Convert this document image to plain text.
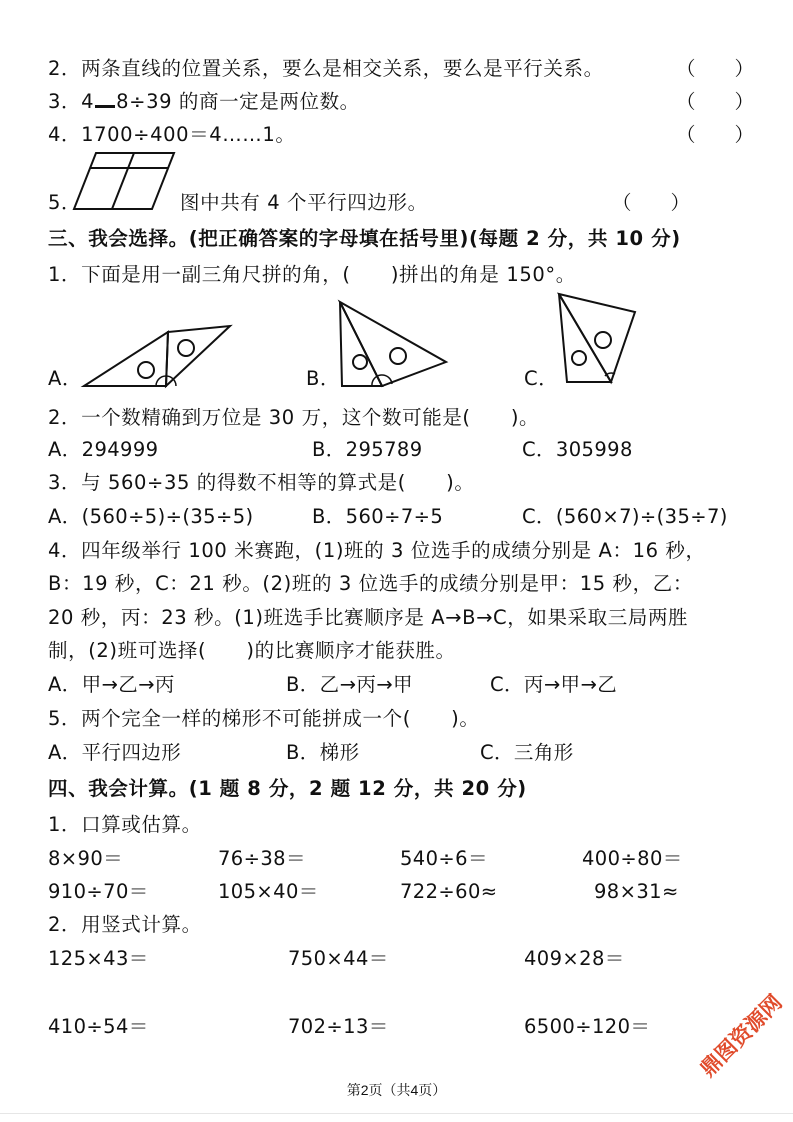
2．两条直线的位置关系，要么是相交关系，要么是平行关系。	（　　）
3．4 8÷39 的商一定是两位数。	（　　）
4．1700÷400＝4……1。	（　　）
5．	图中共有 4 个平行四边形。	（　　）
三、我会选择。(把正确答案的字母填在括号里)(每题 2 分，共 10 分)
1．下面是用一副三角尺拼的角，(　　)拼出的角是 150°。
A．	B．	C．
2．一个数精确到万位是 30 万，这个数可能是(　　)。
A．294999	B．295789	C．305998
3．与 560÷35 的得数不相等的算式是(　　)。
A．(560÷5)÷(35÷5)	B．560÷7÷5	C．(560×7)÷(35÷7)
4．四年级举行 100 米赛跑，(1)班的 3 位选手的成绩分别是 A：16 秒，
B：19 秒，C：21 秒。(2)班的 3 位选手的成绩分别是甲：15 秒，乙：
20 秒，丙：23 秒。(1)班选手比赛顺序是 A→B→C，如果采取三局两胜
制，(2)班可选择(　　)的比赛顺序才能获胜。
A．甲→乙→丙	B．乙→丙→甲	C．丙→甲→乙
5．两个完全一样的梯形不可能拼成一个(　　)。
A．平行四边形	B．梯形	C．三角形
四、我会计算。(1 题 8 分，2 题 12 分，共 20 分)
1．口算或估算。
8×90＝	76÷38＝	540÷6＝	400÷80＝
910÷70＝	105×40＝	722÷60≈	98×31≈
2．用竖式计算。
125×43＝	750×44＝	409×28＝
410÷54＝	702÷13＝	6500÷120＝ 鼎图资源网
第2页（共4页）
